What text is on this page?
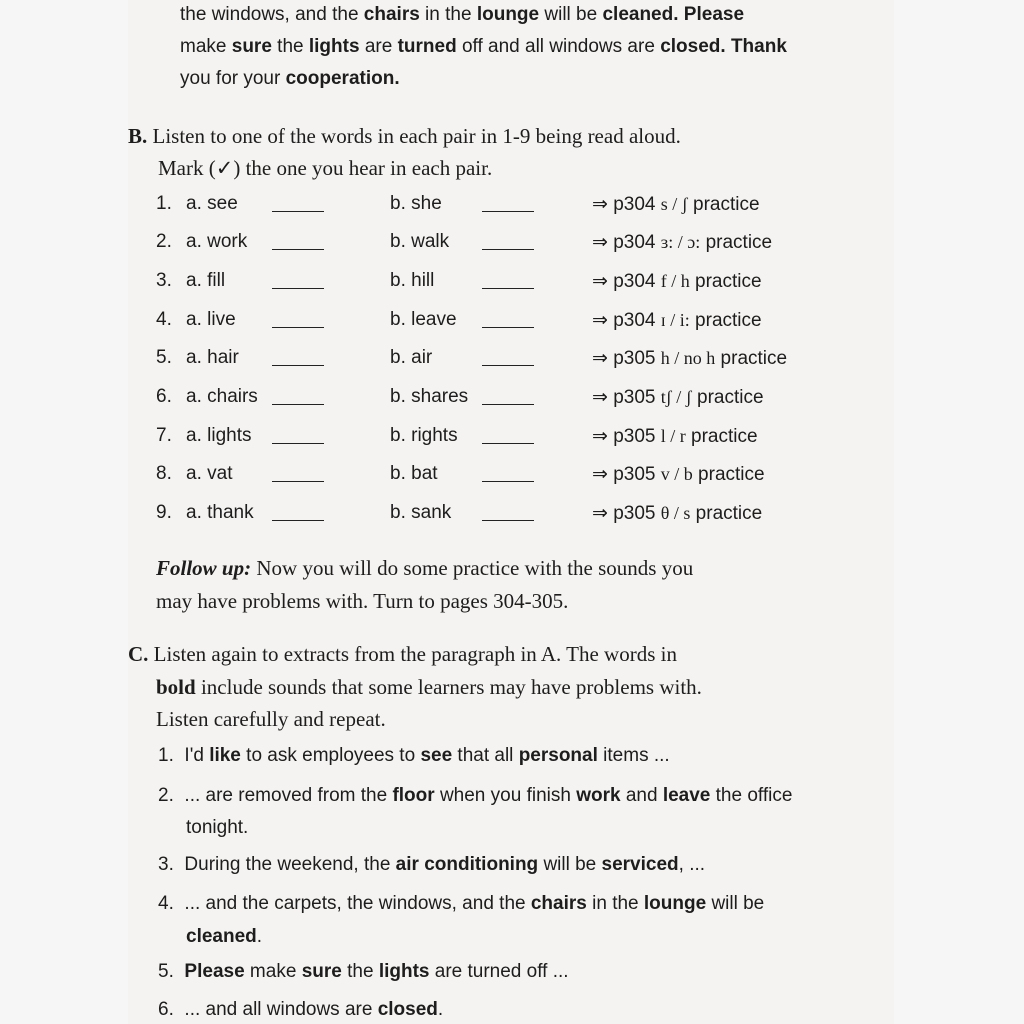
the windows, and the chairs in the lounge will be cleaned. Please
make sure the lights are turned off and all windows are closed. Thank
you for your cooperation.
B. Listen to one of the words in each pair in 1-9 being read aloud.
Mark (✓) the one you hear in each pair.
1. a. see	b. she	⇒ p304 s / ʃ practice
2. a. work	b. walk	⇒ p304 ɜ: / ɔ: practice
3. a. fill	b. hill	⇒ p304 f / h practice
4. a. live	b. leave	⇒ p304 ɪ / i: practice
5. a. hair	b. air	⇒ p305 h / no h practice
6. a. chairs	b. shares	⇒ p305 tʃ / ʃ practice
7. a. lights	b. rights	⇒ p305 l / r practice
8. a. vat	b. bat	⇒ p305 v / b practice
9. a. thank	b. sank	⇒ p305 θ / s practice
Follow up: Now you will do some practice with the sounds you
may have problems with. Turn to pages 304-305.
C. Listen again to extracts from the paragraph in A. The words in
bold include sounds that some learners may have problems with.
Listen carefully and repeat.
1. I'd like to ask employees to see that all personal items ...
2. ... are removed from the floor when you finish work and leave the office
tonight.
3. During the weekend, the air conditioning will be serviced, ...
4. ... and the carpets, the windows, and the chairs in the lounge will be
cleaned.
5. Please make sure the lights are turned off ...
6. ... and all windows are closed.
